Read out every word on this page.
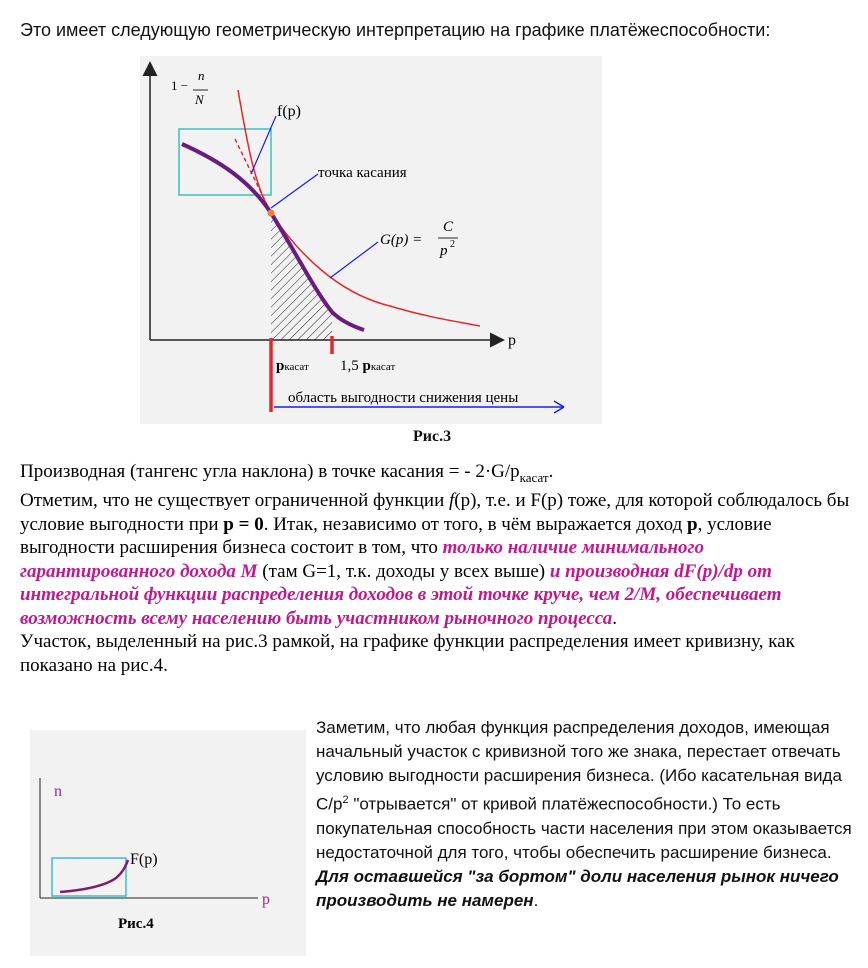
Это имеет следующую геометрическую интерпретацию на графике платёжеспособности:
1 −
n
N
f(p)
точка касания
G(p) =
C
p 2
p
pкасат 1,5 pкасат
область выгодности снижения цены
Рис.3
Производная (тангенс угла наклона) в точке касания = - $2\cdot G/p_{касат}$.
Отметим, что не существует ограниченной функции f(p), т.е. и F(p) тоже, для которой соблюдалось бы условие выгодности при p = 0. Итак, независимо от того, в чём выражается доход p, условие выгодности расширения бизнеса состоит в том, что только наличие минимального гарантированного дохода M (там G=1, т.к. доходы у всех выше) и производная dF(p)/dp от интегральной функции распределения доходов в этой точке круче, чем 2/M, обеспечивает возможность всему населению быть участником рыночного процесса.
Участок, выделенный на рис.3 рамкой, на графике функции распределения имеет кривизну, как показано на рис.4.
n
F(p)
p
Рис.4
Заметим, что любая функция распределения доходов, имеющая начальный участок с кривизной того же знака, перестает отвечать условию выгодности расширения бизнеса. (Ибо касательная вида $C/p^2$ "отрывается" от кривой платёжеспособности.) То есть покупательная способность части населения при этом оказывается недостаточной для того, чтобы обеспечить расширение бизнеса.
Для оставшейся "за бортом" доли населения рынок ничего производить не намерен.
